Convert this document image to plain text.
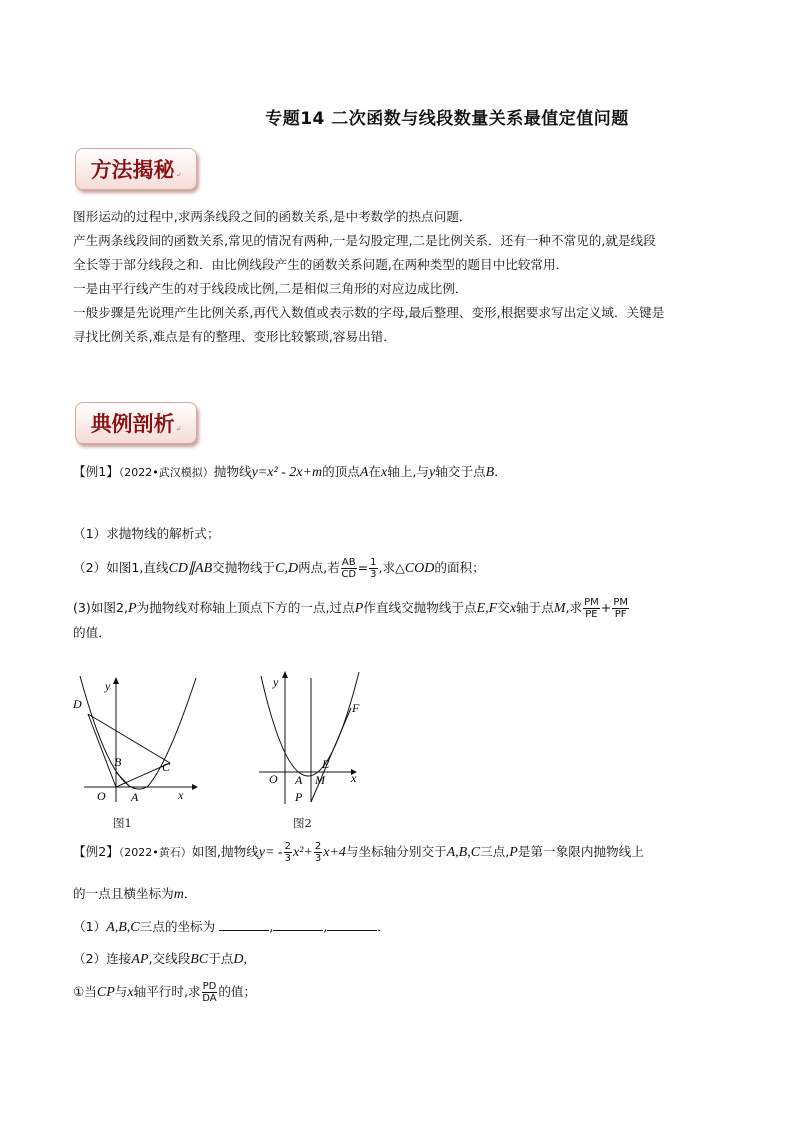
专题14 二次函数与线段数量关系最值定值问题
方法揭秘 ↵
图形运动的过程中,求两条线段之间的函数关系,是中考数学的热点问题．
产生两条线段间的函数关系,常见的情况有两种,一是勾股定理,二是比例关系．还有一种不常见的,就是线段
全长等于部分线段之和．由比例线段产生的函数关系问题,在两种类型的题目中比较常用．
一是由平行线产生的对于线段成比例,二是相似三角形的对应边成比例．
一般步骤是先说理产生比例关系,再代入数值或表示数的字母,最后整理、变形,根据要求写出定义域．关键是
寻找比例关系,难点是有的整理、变形比较繁琐,容易出错．
典例剖析 ↵
【例1】（2022•武汉模拟）抛物线y=x² - 2x+m的顶点A在x轴上,与y轴交于点B．
（1）求抛物线的解析式；
（2）如图1,直线CD∥AB交抛物线于C,D两点,若 $\frac{AB}{CD} = \frac{1}{3}$ ,求△COD的面积；
(3)如图2,P为抛物线对称轴上顶点下方的一点,过点P作直线交抛物线于点E,F交x轴于点M,求 $\frac{PM}{PE} + \frac{PM}{PF}$
的值．
D
y
B	C
O A	x
图1
y
F
E
O A M x
P
图2
【例2】（2022•黄石）如图,抛物线$y= - \frac{2}{3} x^2+ \frac{2}{3} x+4$与坐标轴分别交于A,B,C三点,P是第一象限内抛物线上
的一点且横坐标为m．
（1）A,B,C三点的坐标为	,	,	．
（2）连接AP,交线段BC于点D,
①当CP与x轴平行时,求 $\frac{PD}{DA}$ 的值；
